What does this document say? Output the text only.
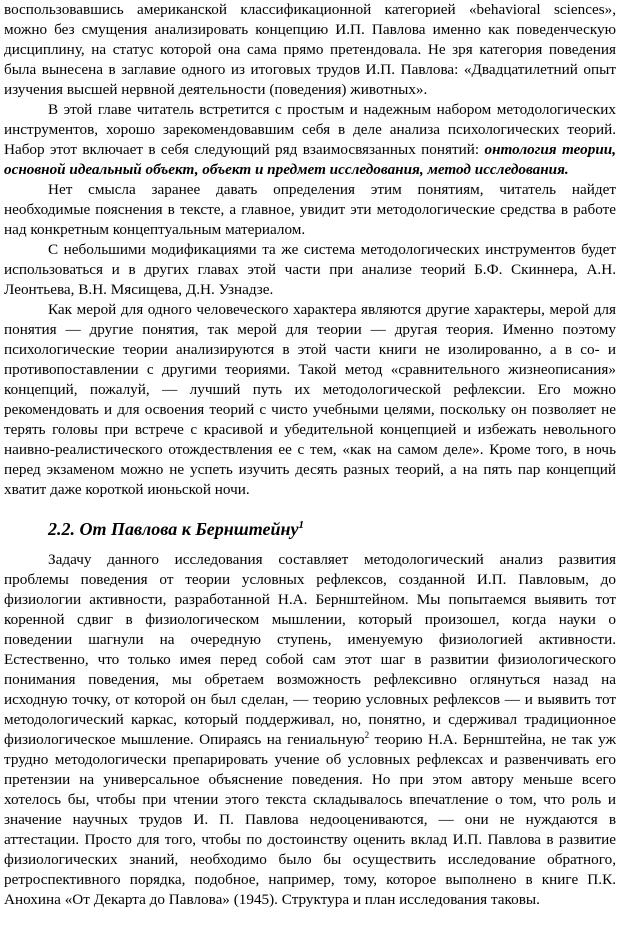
воспользовавшись американской классификационной категорией «behavioral sciences»,
можно без смущения анализировать концепцию И.П. Павлова именно как поведенческую
дисциплину, на статус которой она сама прямо претендовала. Не зря категория поведения
была вынесена в заглавие одного из итоговых трудов И.П. Павлова: «Двадцатилетний опыт
изучения высшей нервной деятельности (поведения) животных».
В этой главе читатель встретится с простым и надежным набором методологических
инструментов, хорошо зарекомендовавшим себя в деле анализа психологических теорий.
Набор этот включает в себя следующий ряд взаимосвязанных понятий: онтология теории,
основной идеальный объект, объект и предмет исследования, метод исследования.
Нет смысла заранее давать определения этим понятиям, читатель найдет
необходимые пояснения в тексте, а главное, увидит эти методологические средства в работе
над конкретным концептуальным материалом.
С небольшими модификациями та же система методологических инструментов будет
использоваться и в других главах этой части при анализе теорий Б.Ф. Скиннера, А.Н.
Леонтьева, В.Н. Мясищева, Д.Н. Узнадзе.
Как мерой для одного человеческого характера являются другие характеры, мерой для
понятия — другие понятия, так мерой для теории — другая теория. Именно поэтому
психологические теории анализируются в этой части книги не изолированно, а в со- и
противопоставлении с другими теориями. Такой метод «сравнительного жизнеописания»
концепций, пожалуй, — лучший путь их методологической рефлексии. Его можно
рекомендовать и для освоения теорий с чисто учебными целями, поскольку он позволяет не
терять головы при встрече с красивой и убедительной концепцией и избежать невольного
наивно-реалистического отождествления ее с тем, «как на самом деле». Кроме того, в ночь
перед экзаменом можно не успеть изучить десять разных теорий, а на пять пар концепций
хватит даже короткой июньской ночи.
2.2. От Павлова к Бернштейну$^1$
Задачу данного исследования составляет методологический анализ развития
проблемы поведения от теории условных рефлексов, созданной И.П. Павловым, до
физиологии активности, разработанной Н.А. Бернштейном. Мы попытаемся выявить тот
коренной сдвиг в физиологическом мышлении, который произошел, когда науки о
поведении шагнули на очередную ступень, именуемую физиологией активности.
Естественно, что только имея перед собой сам этот шаг в развитии физиологического
понимания поведения, мы обретаем возможность рефлексивно оглянуться назад на
исходную точку, от которой он был сделан, — теорию условных рефлексов — и выявить тот
методологический каркас, который поддерживал, но, понятно, и сдерживал традиционное
физиологическое мышление. Опираясь на гениальную$^2$ теорию Н.А. Бернштейна, не так уж
трудно методологически препарировать учение об условных рефлексах и развенчивать его
претензии на универсальное объяснение поведения. Но при этом автору меньше всего
хотелось бы, чтобы при чтении этого текста складывалось впечатление о том, что роль и
значение научных трудов И. П. Павлова недооцениваются, — они не нуждаются в
аттестации. Просто для того, чтобы по достоинству оценить вклад И.П. Павлова в развитие
физиологических знаний, необходимо было бы осуществить исследование обратного,
ретроспективного порядка, подобное, например, тому, которое выполнено в книге П.К.
Анохина «От Декарта до Павлова» (1945). Структура и план исследования таковы.
